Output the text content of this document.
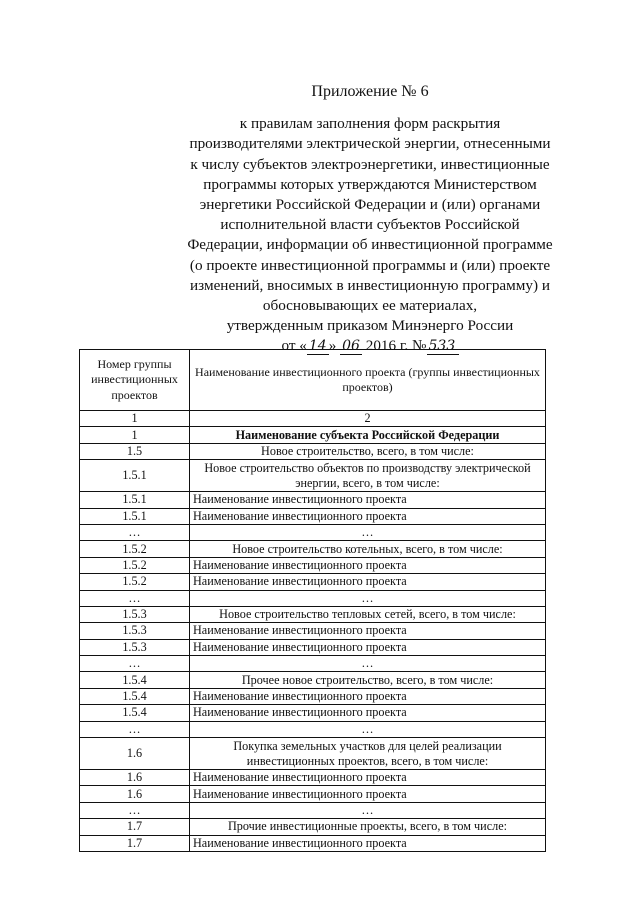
Приложение № 6
к правилам заполнения форм раскрытия
производителями электрической энергии, отнесенными
к числу субъектов электроэнергетики, инвестиционные
программы которых утверждаются Министерством
энергетики Российской Федерации и (или) органами
исполнительной власти субъектов Российской
Федерации, информации об инвестиционной программе
(о проекте инвестиционной программы и (или) проекте
изменений, вносимых в инвестиционную программу) и
обосновывающих ее материалах,
утвержденным приказом Минэнерго России
от « 14 » 06 2016 г. № 533
Номер группы инвестиционных проектов	Наименование инвестиционного проекта (группы инвестиционных проектов)
1	2
1	Наименование субъекта Российской Федерации
1.5	Новое строительство, всего, в том числе:
1.5.1	Новое строительство объектов по производству электрической энергии, всего, в том числе:
1.5.1	Наименование инвестиционного проекта
1.5.1	Наименование инвестиционного проекта
…	…
1.5.2	Новое строительство котельных, всего, в том числе:
1.5.2	Наименование инвестиционного проекта
1.5.2	Наименование инвестиционного проекта
…	…
1.5.3	Новое строительство тепловых сетей, всего, в том числе:
1.5.3	Наименование инвестиционного проекта
1.5.3	Наименование инвестиционного проекта
…	…
1.5.4	Прочее новое строительство, всего, в том числе:
1.5.4	Наименование инвестиционного проекта
1.5.4	Наименование инвестиционного проекта
…	…
1.6	Покупка земельных участков для целей реализации инвестиционных проектов, всего, в том числе:
1.6	Наименование инвестиционного проекта
1.6	Наименование инвестиционного проекта
…	…
1.7	Прочие инвестиционные проекты, всего, в том числе:
1.7	Наименование инвестиционного проекта
